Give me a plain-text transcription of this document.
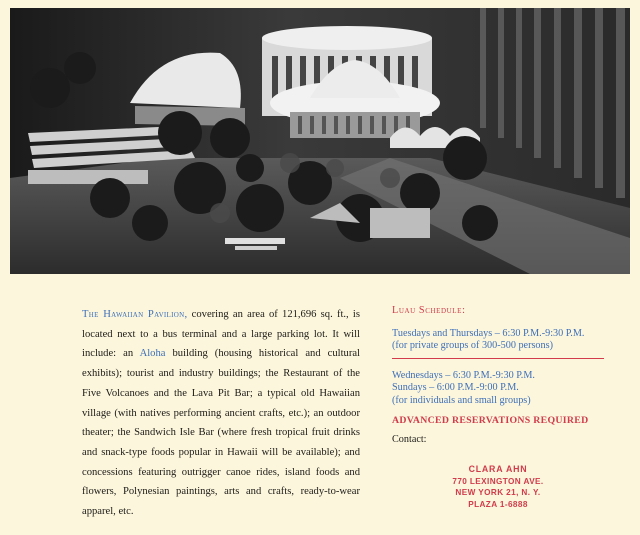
The Hawaiian Pavilion, covering an area of 121,696 sq. ft., is located next to a bus terminal and a large parking lot. It will include: an Aloha building (housing historical and cultural exhibits); tourist and industry buildings; the Restaurant of the Five Volcanoes and the Lava Pit Bar; a typical old Hawaiian village (with natives performing ancient crafts, etc.); an outdoor theater; the Sandwich Isle Bar (where fresh tropical fruit drinks and snack-type foods popular in Hawaii will be available); and concessions featuring outrigger canoe rides, island foods and flowers, Polynesian paintings, arts and crafts, ready-to-wear apparel, etc.
Luau Schedule:
Tuesdays and Thursdays – 6:30 P.M.-9:30 P.M.
(for private groups of 300-500 persons)
Wednesdays – 6:30 P.M.-9:30 P.M.
Sundays – 6:00 P.M.-9:00 P.M.
(for individuals and small groups)
ADVANCED RESERVATIONS REQUIRED
Contact:
CLARA AHN
770 LEXINGTON AVE.
NEW YORK 21, N. Y.
PLAZA 1-6888
